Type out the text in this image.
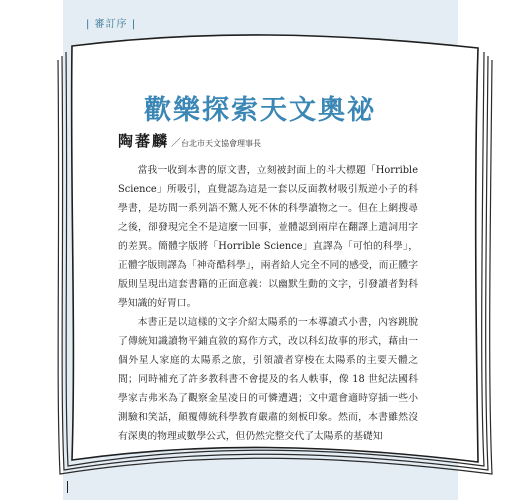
| 審訂序 |
歡樂探索天文奧祕
陶蕃麟 ／台北市天文協會理事長

當我一收到本書的原文書，立刻被封面上的斗大標題「Horrible Science」所吸引，直覺認為這是一套以反面教材吸引叛逆小子的科學書，是坊間一系列語不驚人死不休的科學讀物之一。但在上網搜尋之後，卻發現完全不是這麼一回事，並體認到兩岸在翻譯上遣詞用字的差異。簡體字版將「Horrible Science」直譯為「可怕的科學」，正體字版則譯為「神奇酷科學」，兩者給人完全不同的感受，而正體字版則呈現出這套書籍的正面意義：以幽默生動的文字，引發讀者對科學知識的好胃口。

本書正是以這樣的文字介紹太陽系的一本導讀式小書，內容跳脫了傳統知識讀物平鋪直敘的寫作方式，改以科幻故事的形式，藉由一個外星人家庭的太陽系之旅，引領讀者穿梭在太陽系的主要天體之間；同時補充了許多教科書不會提及的名人軼事，像 18 世紀法國科學家吉弗米為了觀察金星凌日的可憐遭遇；文中還會適時穿插一些小測驗和笑話，顛覆傳統科學教育嚴肅的刻板印象。然而，本書雖然沒有深奧的物理或數學公式，但仍然完整交代了太陽系的基礎知
